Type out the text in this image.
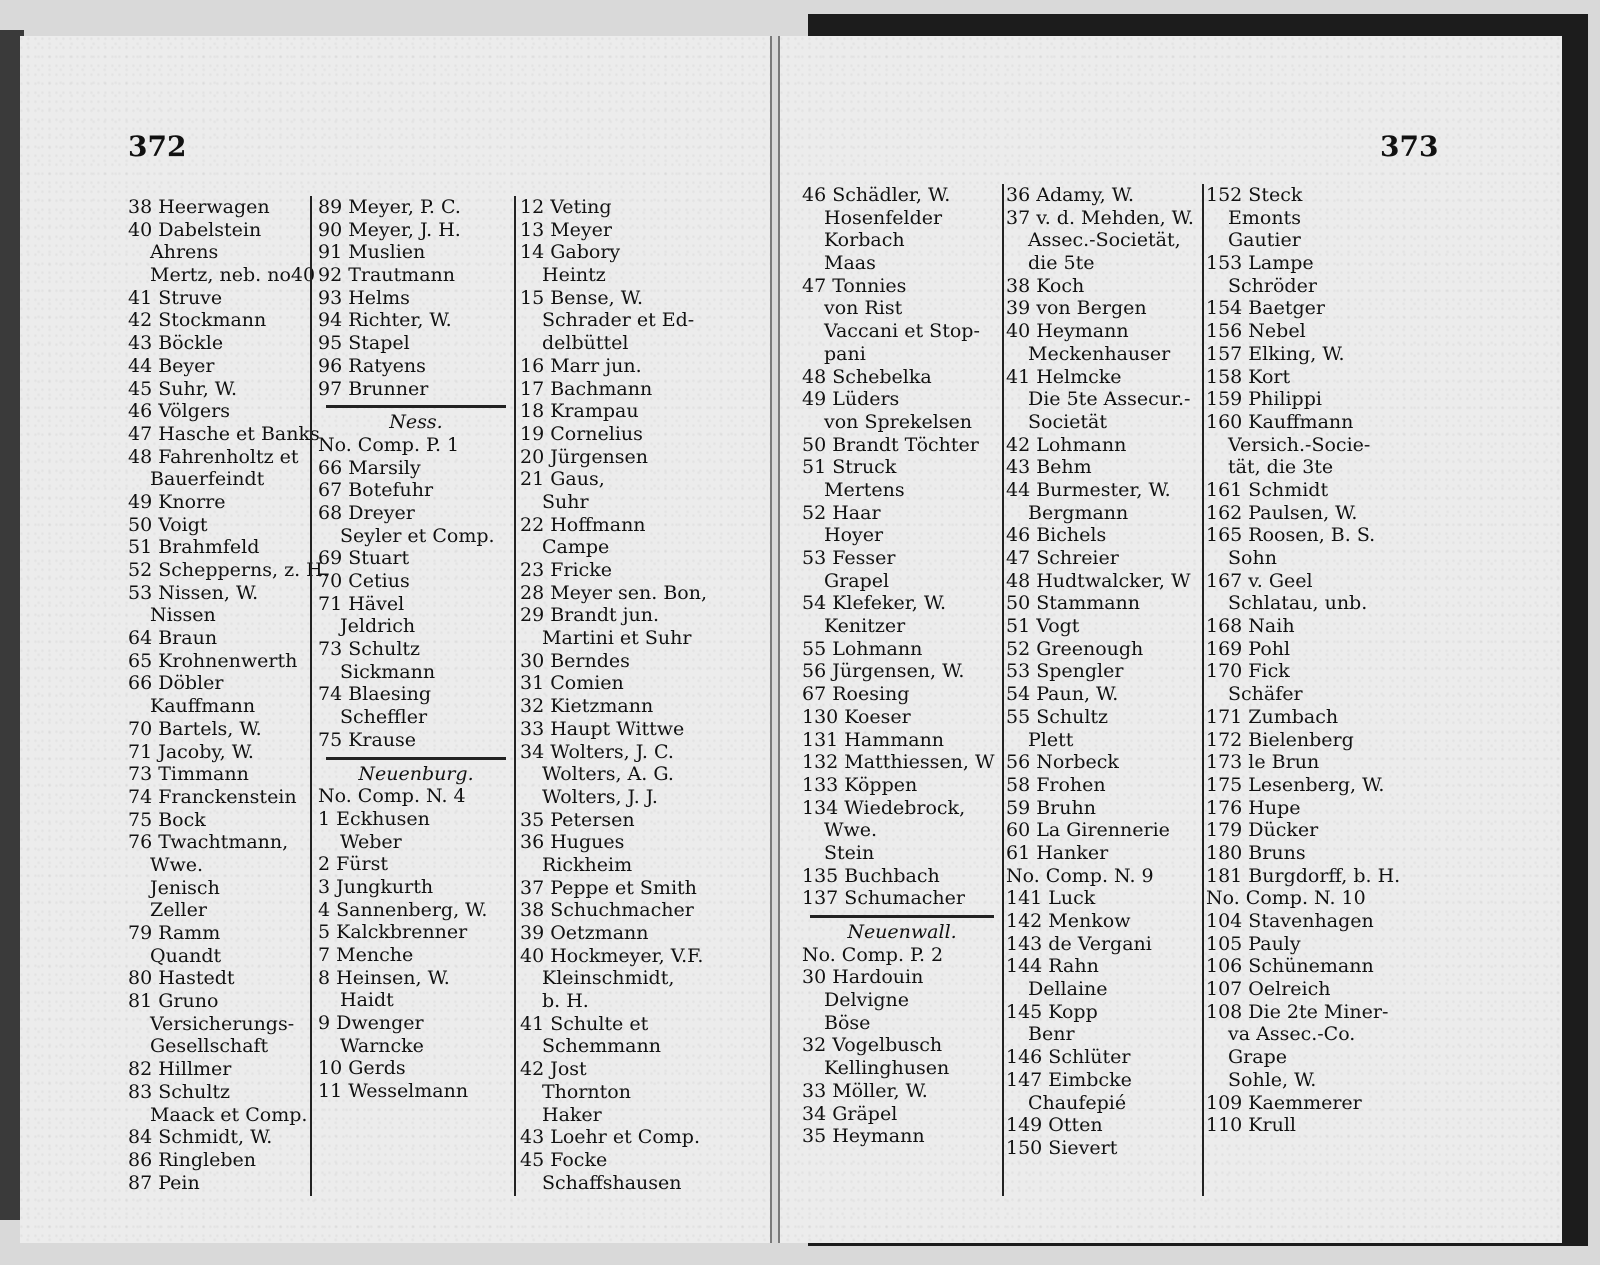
372
38 Heerwagen
40 Dabelstein
Ahrens
Mertz, neb. no40
41 Struve
42 Stockmann
43 Böckle
44 Beyer
45 Suhr, W.
46 Völgers
47 Hasche et Banks
48 Fahrenholtz et
Bauerfeindt
49 Knorre
50 Voigt
51 Brahmfeld
52 Schepperns, z. H.
53 Nissen, W.
Nissen
64 Braun
65 Krohnenwerth
66 Döbler
Kauffmann
70 Bartels, W.
71 Jacoby, W.
73 Timmann
74 Franckenstein
75 Bock
76 Twachtmann,
Wwe.
Jenisch
Zeller
79 Ramm
Quandt
80 Hastedt
81 Gruno
Versicherungs-
Gesellschaft
82 Hillmer
83 Schultz
Maack et Comp.
84 Schmidt, W.
86 Ringleben
87 Pein
89 Meyer, P. C.
90 Meyer, J. H.
91 Muslien
92 Trautmann
93 Helms
94 Richter, W.
95 Stapel
96 Ratyens
97 Brunner
Ness.
No. Comp. P. 1
66 Marsily
67 Botefuhr
68 Dreyer
Seyler et Comp.
69 Stuart
70 Cetius
71 Hävel
Jeldrich
73 Schultz
Sickmann
74 Blaesing
Scheffler
75 Krause
Neuenburg.
No. Comp. N. 4
1 Eckhusen
Weber
2 Fürst
3 Jungkurth
4 Sannenberg, W.
5 Kalckbrenner
7 Menche
8 Heinsen, W.
Haidt
9 Dwenger
Warncke
10 Gerds
11 Wesselmann
12 Veting
13 Meyer
14 Gabory
Heintz
15 Bense, W.
Schrader et Ed-
delbüttel
16 Marr jun.
17 Bachmann
18 Krampau
19 Cornelius
20 Jürgensen
21 Gaus,
Suhr
22 Hoffmann
Campe
23 Fricke
28 Meyer sen. Bon,
29 Brandt jun.
Martini et Suhr
30 Berndes
31 Comien
32 Kietzmann
33 Haupt Wittwe
34 Wolters, J. C.
Wolters, A. G.
Wolters, J. J.
35 Petersen
36 Hugues
Rickheim
37 Peppe et Smith
38 Schuchmacher
39 Oetzmann
40 Hockmeyer, V.F.
Kleinschmidt,
b. H.
41 Schulte et
Schemmann
42 Jost
Thornton
Haker
43 Loehr et Comp.
45 Focke
Schaffshausen
373
46 Schädler, W.
Hosenfelder
Korbach
Maas
47 Tonnies
von Rist
Vaccani et Stop-
pani
48 Schebelka
49 Lüders
von Sprekelsen
50 Brandt Töchter
51 Struck
Mertens
52 Haar
Hoyer
53 Fesser
Grapel
54 Klefeker, W.
Kenitzer
55 Lohmann
56 Jürgensen, W.
67 Roesing
130 Koeser
131 Hammann
132 Matthiessen, W
133 Köppen
134 Wiedebrock,
Wwe.
Stein
135 Buchbach
137 Schumacher
Neuenwall.
No. Comp. P. 2
30 Hardouin
Delvigne
Böse
32 Vogelbusch
Kellinghusen
33 Möller, W.
34 Gräpel
35 Heymann
36 Adamy, W.
37 v. d. Mehden, W.
Assec.-Societät,
die 5te
38 Koch
39 von Bergen
40 Heymann
Meckenhauser
41 Helmcke
Die 5te Assecur.-
Societät
42 Lohmann
43 Behm
44 Burmester, W.
Bergmann
46 Bichels
47 Schreier
48 Hudtwalcker, W
50 Stammann
51 Vogt
52 Greenough
53 Spengler
54 Paun, W.
55 Schultz
Plett
56 Norbeck
58 Frohen
59 Bruhn
60 La Girennerie
61 Hanker
No. Comp. N. 9
141 Luck
142 Menkow
143 de Vergani
144 Rahn
Dellaine
145 Kopp
Benr
146 Schlüter
147 Eimbcke
Chaufepié
149 Otten
150 Sievert
152 Steck
Emonts
Gautier
153 Lampe
Schröder
154 Baetger
156 Nebel
157 Elking, W.
158 Kort
159 Philippi
160 Kauffmann
Versich.-Socie-
tät, die 3te
161 Schmidt
162 Paulsen, W.
165 Roosen, B. S.
Sohn
167 v. Geel
Schlatau, unb.
168 Naih
169 Pohl
170 Fick
Schäfer
171 Zumbach
172 Bielenberg
173 le Brun
175 Lesenberg, W.
176 Hupe
179 Dücker
180 Bruns
181 Burgdorff, b. H.
No. Comp. N. 10
104 Stavenhagen
105 Pauly
106 Schünemann
107 Oelreich
108 Die 2te Miner-
va Assec.-Co.
Grape
Sohle, W.
109 Kaemmerer
110 Krull
